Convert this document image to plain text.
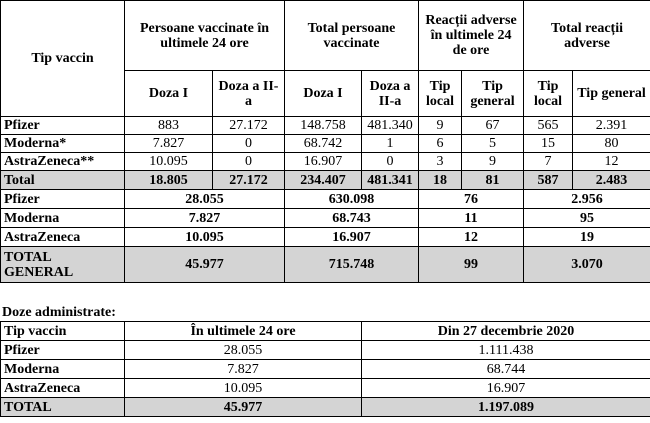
Tip vaccin	Persoane vaccinate în ultimele 24 ore		Total persoane vaccinate		Reacții adverse în ultimele 24 de ore		Total reacții adverse	
	Doza I	Doza a II-a	Doza I	Doza a II-a	Tip local	Tip general	Tip local	Tip general
Pfizer	883	27.172	148.758	481.340	9	67	565	2.391
Moderna*	7.827	0	68.742	1	6	5	15	80
AstraZeneca**	10.095	0	16.907	0	3	9	7	12
Total	18.805	27.172	234.407	481.341	18	81	587	2.483
Pfizer	28.055		630.098		76		2.956	
Moderna	7.827		68.743		11		95	
AstraZeneca	10.095		16.907		12		19	
TOTAL GENERAL	45.977		715.748		99		3.070	
Doze administrate:
Tip vaccin	În ultimele 24 ore	Din 27 decembrie 2020
Pfizer	28.055	1.111.438
Moderna	7.827	68.744
AstraZeneca	10.095	16.907
TOTAL	45.977	1.197.089
